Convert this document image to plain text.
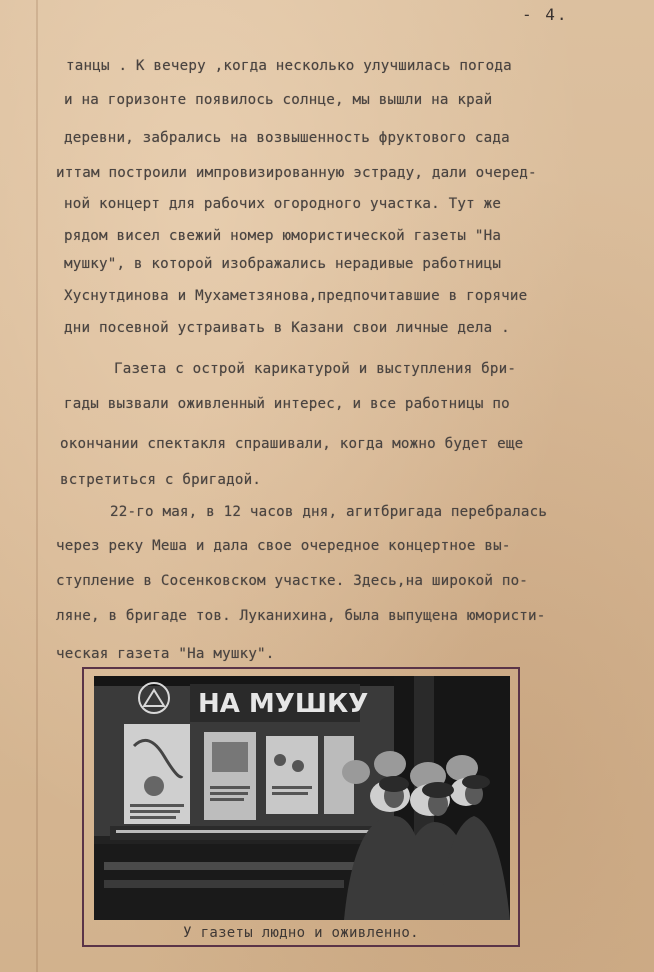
- 4.
танцы . К вечеру ,когда несколько улучшилась погода
и на горизонте появилось солнце, мы вышли на край
деревни, забрались на возвышенность фруктового сада
иттам построили импровизированную эстраду, дали очеред-
ной концерт для рабочих огородного участка. Тут же
рядом висел свежий номер юмористической газеты "На
мушку", в которой изображались нерадивые работницы
Хуснутдинова и Мухаметзянова,предпочитавшие в горячие
дни посевной устраивать в Казани свои личные дела .
Газета с острой карикатурой и выступления бри-
гады вызвали оживленный интерес, и все работницы по
окончании спектакля спрашивали, когда можно будет еще
встретиться с бригадой.
22-го мая, в 12 часов дня, агитбригада перебралась
через реку Меша и дала свое очередное концертное вы-
ступление в Сосенковском участке. Здесь,на широкой по-
ляне, в бригаде тов. Луканихина, была выпущена юмористи-
ческая газета "На мушку".
НА МУШКУ
У газеты людно и оживленно.
